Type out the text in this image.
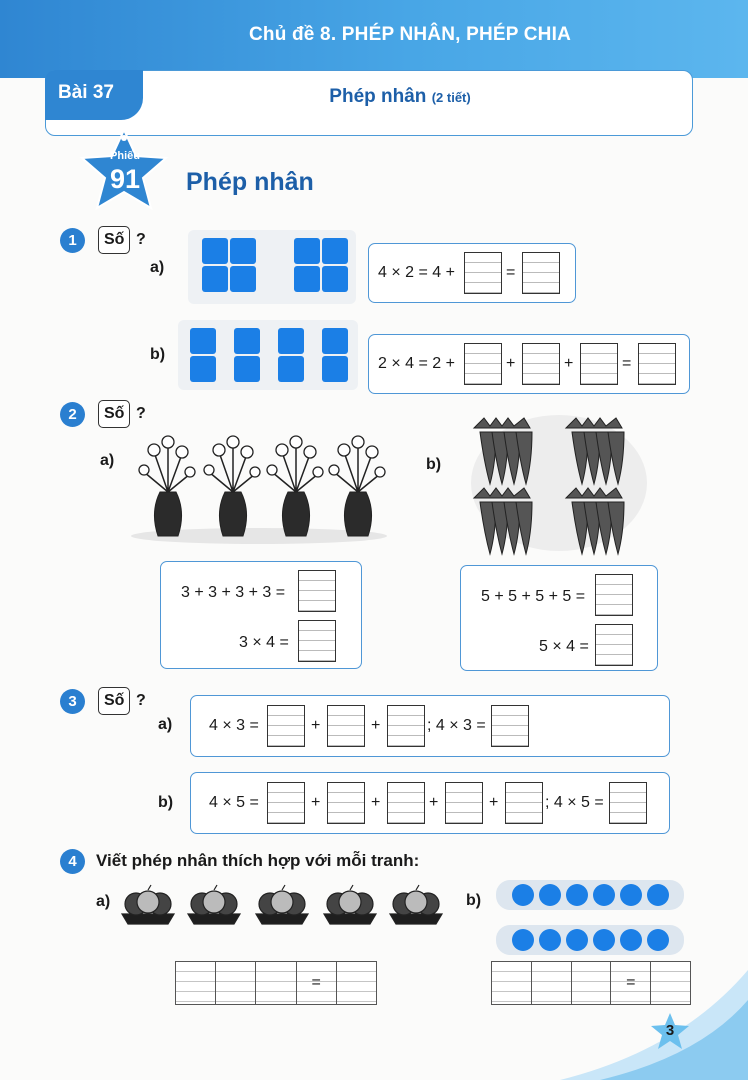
Chủ đề 8. PHÉP NHÂN, PHÉP CHIA
Bài 37	Phép nhân (2 tiết)
Phiếu
91	Phép nhân
1	Số ?
a)	4 × 2 = 4 +	=
b)
2 × 4 = 2 +	+	+	=
2	Số ?
a)	b)
3 + 3 + 3 + 3 =
3 × 4 =
5 + 5 + 5 + 5 =
5 × 4 =
3	Số ?
a) 4 × 3 =	+	+	; 4 × 3 =
b) 4 × 5 =	+	+	+	+	; 4 × 5 =
4	Viết phép nhân thích hợp với mỗi tranh:
a)	b)
=	=
3
